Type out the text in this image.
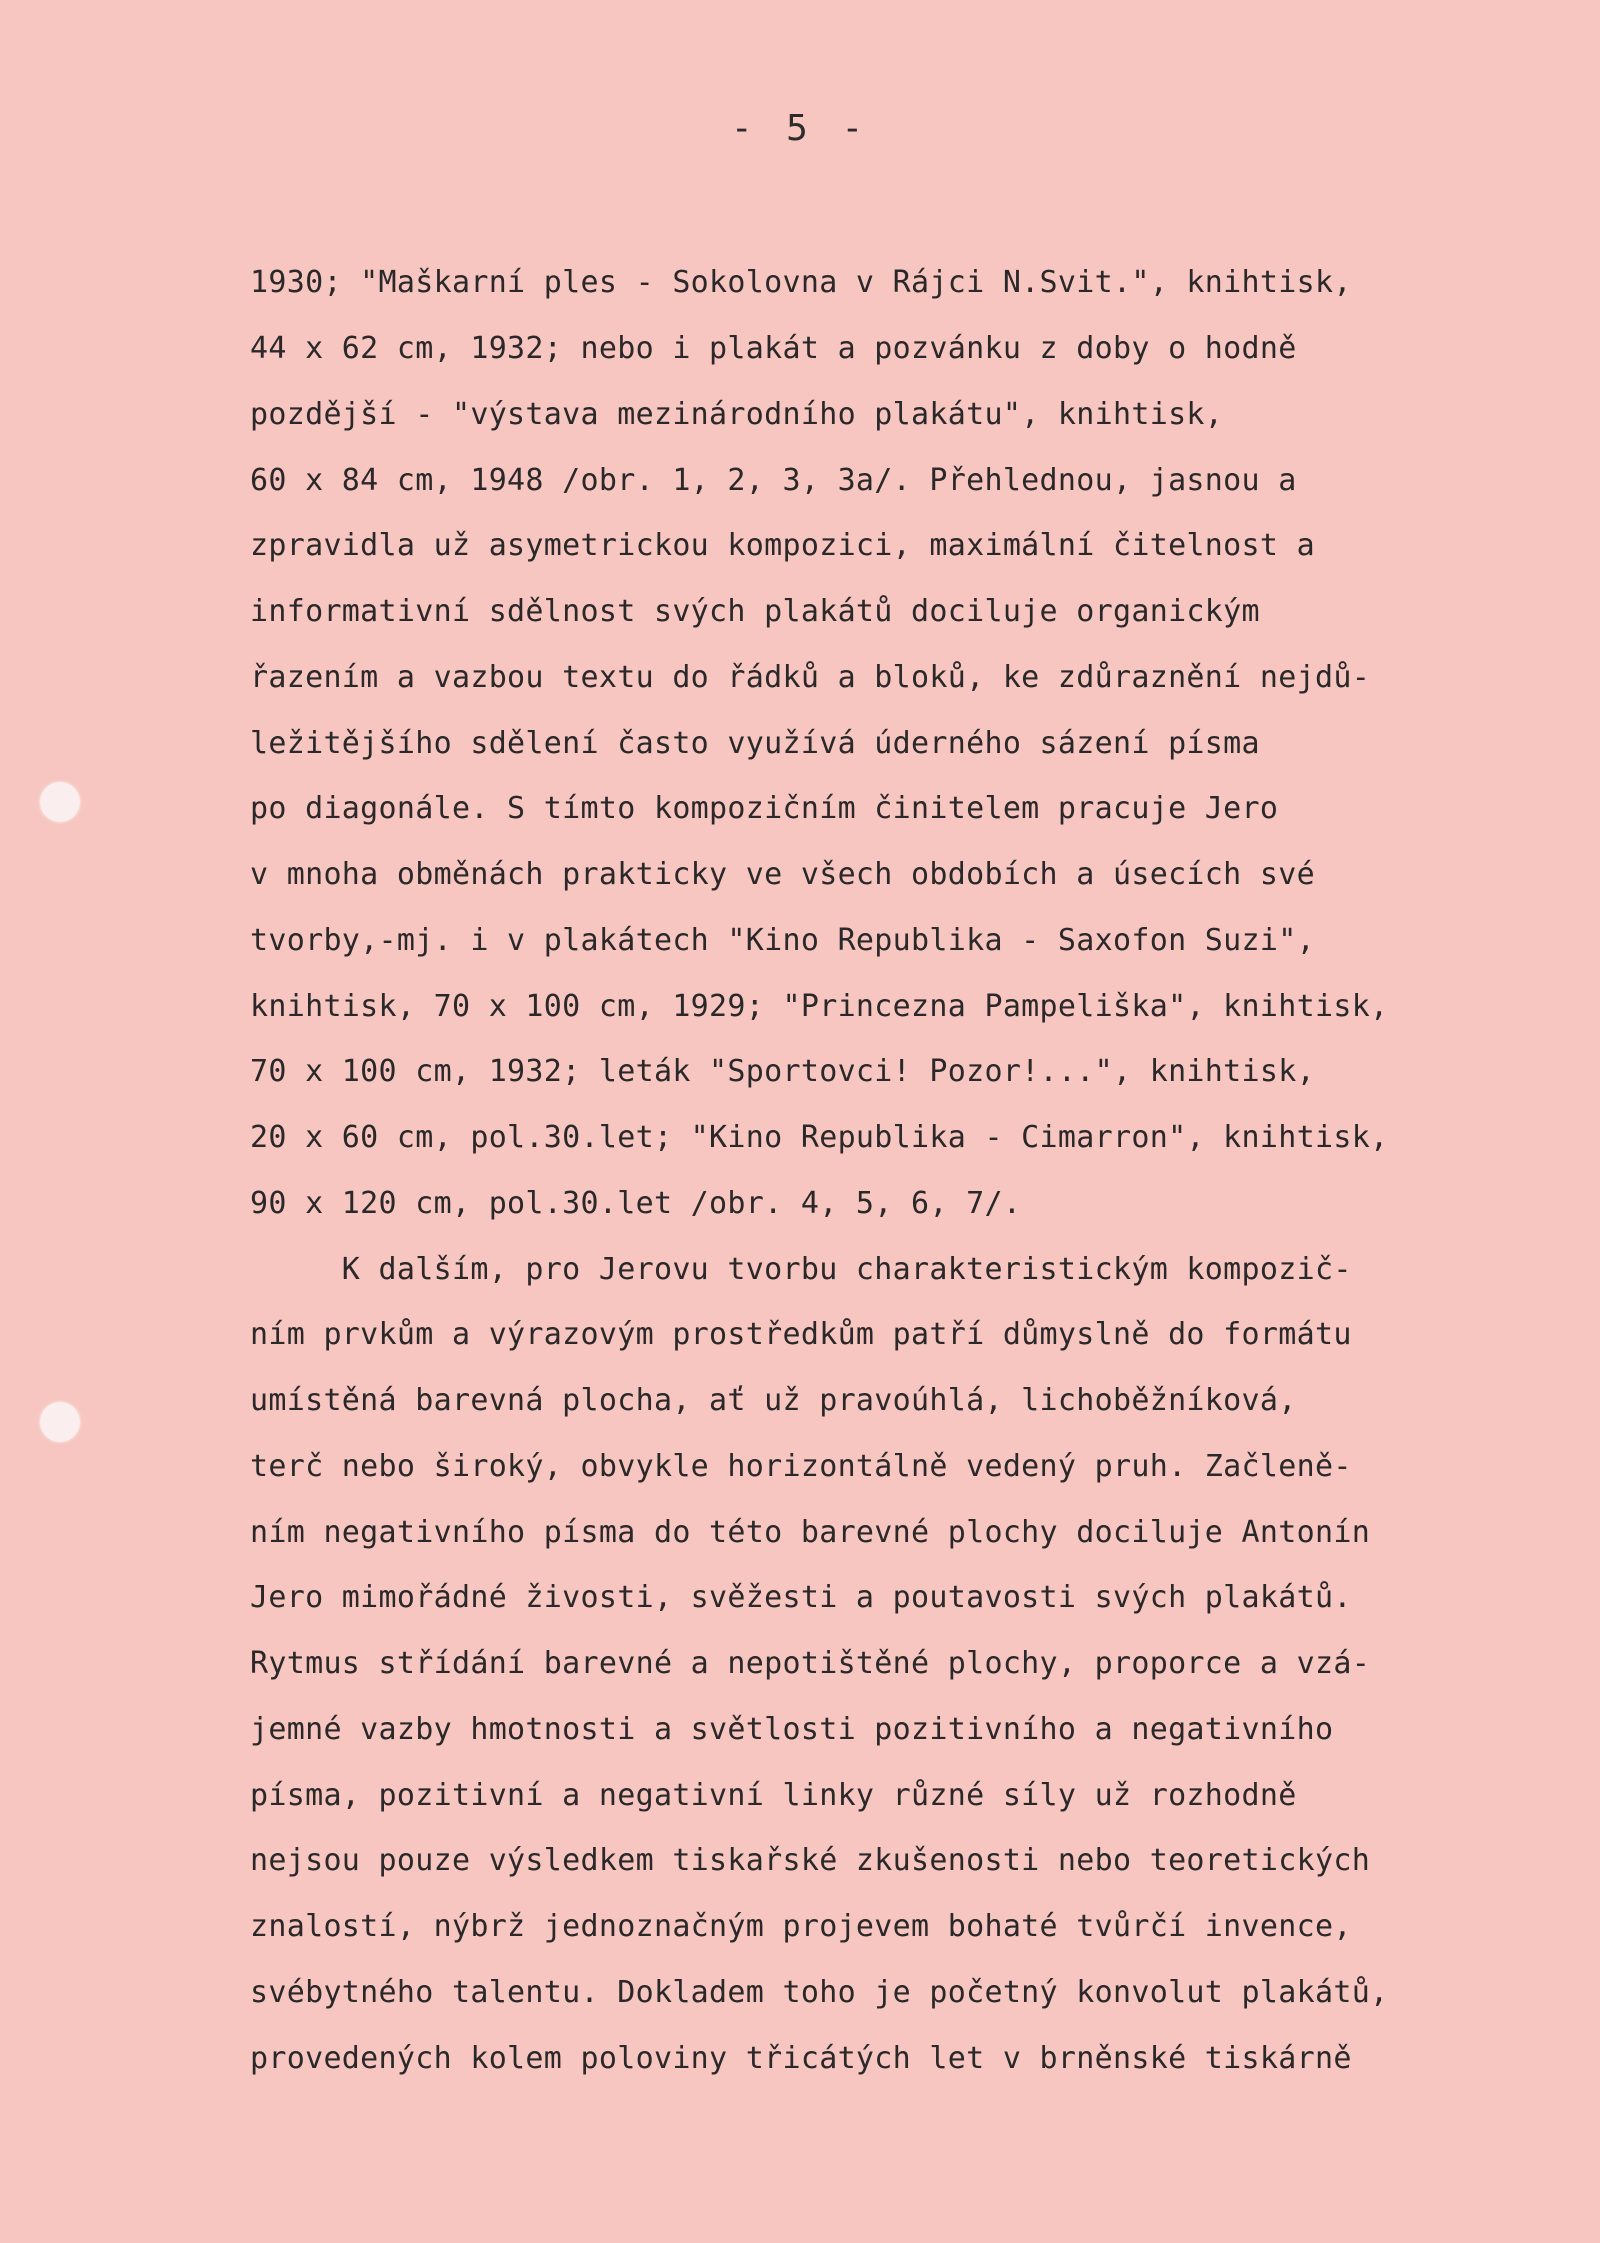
- 5 -
1930; "Maškarní ples - Sokolovna v Rájci N.Svit.", knihtisk,
44 x 62 cm, 1932; nebo i plakát a pozvánku z doby o hodně
pozdější - "výstava mezinárodního plakátu", knihtisk,
60 x 84 cm, 1948 /obr. 1, 2, 3, 3a/. Přehlednou, jasnou a
zpravidla už asymetrickou kompozici, maximální čitelnost a
informativní sdělnost svých plakátů dociluje organickým
řazením a vazbou textu do řádků a bloků, ke zdůraznění nejdů-
ležitějšího sdělení často využívá úderného sázení písma
po diagonále. S tímto kompozičním činitelem pracuje Jero
v mnoha obměnách prakticky ve všech obdobích a úsecích své
tvorby,-mj. i v plakátech "Kino Republika - Saxofon Suzi",
knihtisk, 70 x 100 cm, 1929; "Princezna Pampeliška", knihtisk,
70 x 100 cm, 1932; leták "Sportovci! Pozor!...", knihtisk,
20 x 60 cm, pol.30.let; "Kino Republika - Cimarron", knihtisk,
90 x 120 cm, pol.30.let /obr. 4, 5, 6, 7/.
K dalším, pro Jerovu tvorbu charakteristickým kompozič-
ním prvkům a výrazovým prostředkům patří důmyslně do formátu
umístěná barevná plocha, ať už pravoúhlá, lichoběžníková,
terč nebo široký, obvykle horizontálně vedený pruh. Začleně-
ním negativního písma do této barevné plochy dociluje Antonín
Jero mimořádné živosti, svěžesti a poutavosti svých plakátů.
Rytmus střídání barevné a nepotištěné plochy, proporce a vzá-
jemné vazby hmotnosti a světlosti pozitivního a negativního
písma, pozitivní a negativní linky různé síly už rozhodně
nejsou pouze výsledkem tiskařské zkušenosti nebo teoretických
znalostí, nýbrž jednoznačným projevem bohaté tvůrčí invence,
svébytného talentu. Dokladem toho je početný konvolut plakátů,
provedených kolem poloviny třicátých let v brněnské tiskárně
